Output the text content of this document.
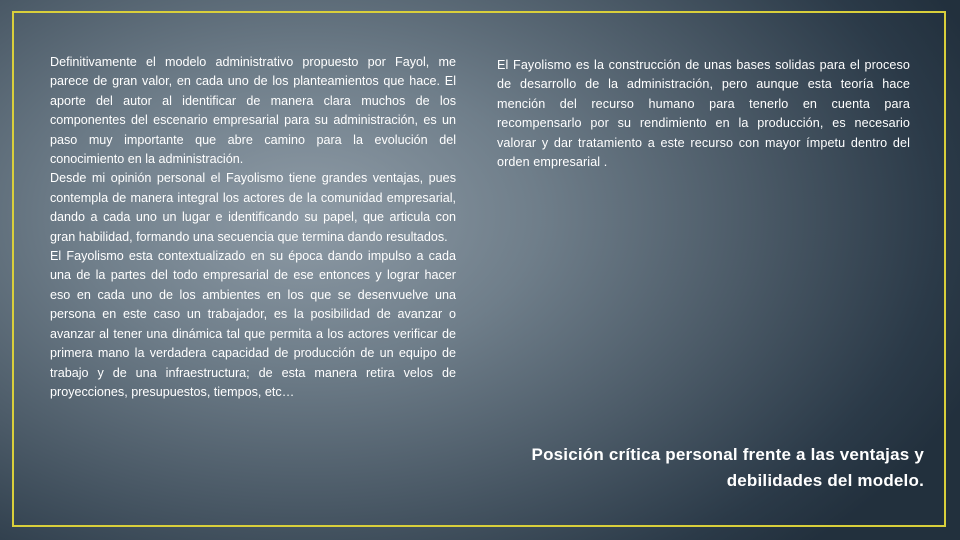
Definitivamente el modelo administrativo propuesto por Fayol, me parece de gran valor, en cada uno de los planteamientos que hace. El aporte del autor al identificar de manera clara muchos de los componentes del escenario empresarial para su administración, es un paso muy importante que abre camino para la evolución del conocimiento en la administración.

Desde mi opinión personal el Fayolismo tiene grandes ventajas, pues contempla de manera integral los actores de la comunidad empresarial, dando a cada uno un lugar e identificando su papel, que articula con gran habilidad, formando una secuencia que termina dando resultados.

El Fayolismo esta contextualizado en su época dando impulso a cada una de la partes del todo empresarial de ese entonces y lograr hacer eso en cada uno de los ambientes en los que se desenvuelve una persona en este caso un trabajador, es la posibilidad de avanzar o avanzar al tener una dinámica tal que permita a los actores verificar de primera mano la verdadera capacidad de producción de un equipo de trabajo y de una infraestructura; de esta manera retira velos de proyecciones, presupuestos, tiempos, etc…

El Fayolismo es la construcción de unas bases solidas para el proceso de desarrollo de la administración, pero aunque esta teoría hace mención del recurso humano para tenerlo en cuenta para recompensarlo por su rendimiento en la producción, es necesario valorar y dar tratamiento a este recurso con mayor ímpetu dentro del orden empresarial .

Posición crítica personal frente a las ventajas y
debilidades del modelo.
